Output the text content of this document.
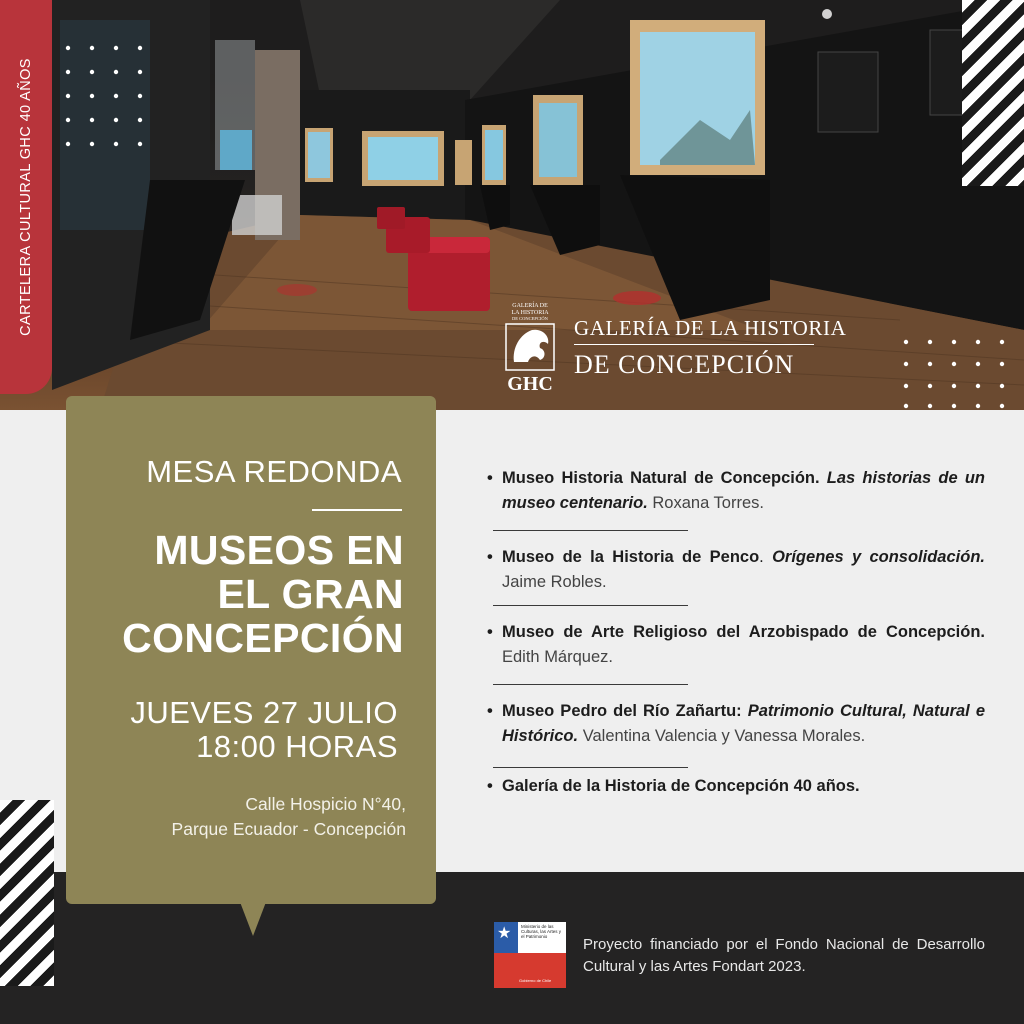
CARTELERA CULTURAL GHC 40 AÑOS	GALERÍA DE
LA HISTORIA
DE CONCEPCIÓN
GHC
GALERÍA DE LA HISTORIA
DE CONCEPCIÓN
MESA REDONDA
MUSEOS EN
EL GRAN
CONCEPCIÓN
JUEVES 27 JULIO
18:00 HORAS
Calle Hospicio N°40,
Parque Ecuador - Concepción
• Museo Historia Natural de Concepción. Las historias de un museo centenario. Roxana Torres.
• Museo de la Historia de Penco. Orígenes y consolidación. Jaime Robles.
• Museo de Arte Religioso del Arzobispado de Concepción. Edith Márquez.
• Museo Pedro del Río Zañartu: Patrimonio Cultural, Natural e Histórico. Valentina Valencia y Vanessa Morales.
• Galería de la Historia de Concepción 40 años.
★ Ministerio de las Culturas, las Artes y el Patrimonio
Gobierno de Chile
Proyecto financiado por el Fondo Nacional de Desarrollo Cultural y las Artes Fondart 2023.
